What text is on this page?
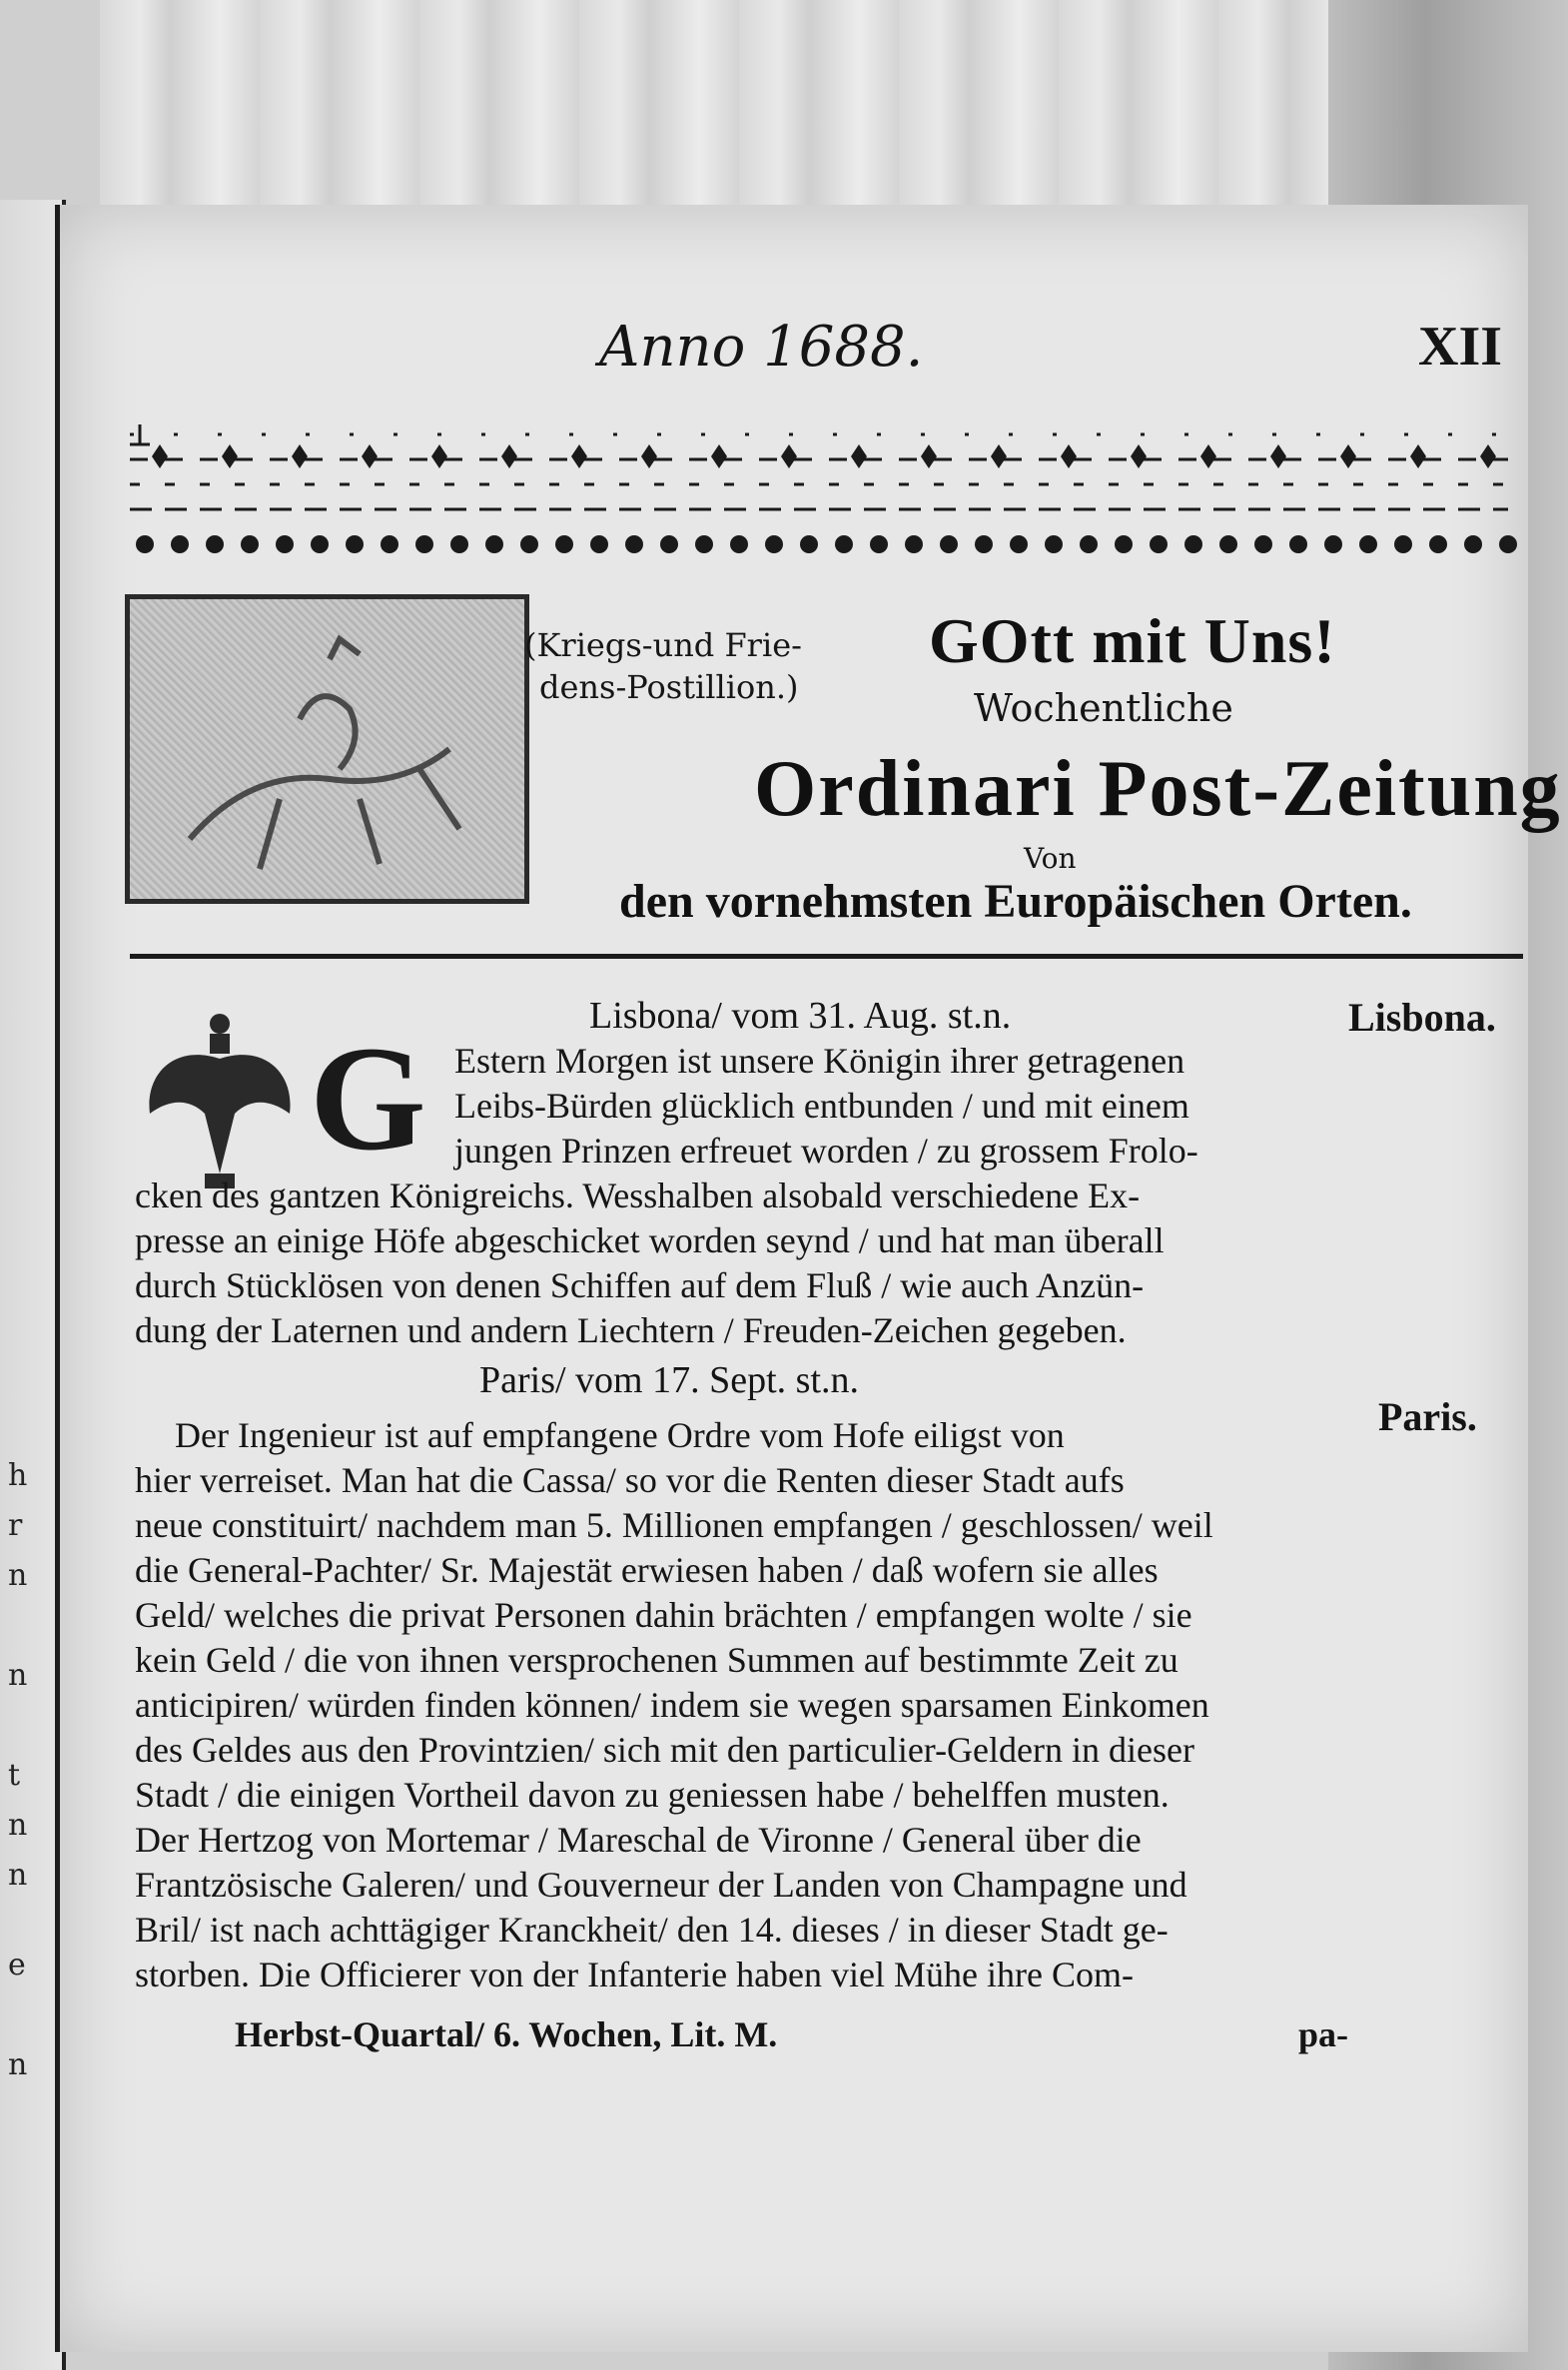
h
r
n
n
t
n
n
e
n
Anno 1688.	XII
(Kriegs-und Frie-
dens-Postillion.)
GOtt mit Uns!
Wochentliche
Ordinari Post-Zeitung
Von
den vornehmsten Europäischen Orten.
Lisbona/ vom 31. Aug. st.n.	Lisbona.
G Estern Morgen ist unsere Königin ihrer getragenen
Leibs-Bürden glücklich entbunden / und mit einem
jungen Prinzen erfreuet worden / zu grossem Frolo-
cken des gantzen Königreichs. Wesshalben alsobald verschiedene Ex-
presse an einige Höfe abgeschicket worden seynd / und hat man überall
durch Stücklösen von denen Schiffen auf dem Fluß / wie auch Anzün-
dung der Laternen und andern Liechtern / Freuden-Zeichen gegeben.
Paris/ vom 17. Sept. st.n.
Paris.
Der Ingenieur ist auf empfangene Ordre vom Hofe eiligst von
hier verreiset. Man hat die Cassa/ so vor die Renten dieser Stadt aufs
neue constituirt/ nachdem man 5. Millionen empfangen / geschlossen/ weil
die General-Pachter/ Sr. Majestät erwiesen haben / daß wofern sie alles
Geld/ welches die privat Personen dahin brächten / empfangen wolte / sie
kein Geld / die von ihnen versprochenen Summen auf bestimmte Zeit zu
anticipiren/ würden finden können/ indem sie wegen sparsamen Einkomen
des Geldes aus den Provintzien/ sich mit den particulier-Geldern in dieser
Stadt / die einigen Vortheil davon zu geniessen habe / behelffen musten.
Der Hertzog von Mortemar / Mareschal de Vironne / General über die
Frantzösische Galeren/ und Gouverneur der Landen von Champagne und
Bril/ ist nach achttägiger Kranckheit/ den 14. dieses / in dieser Stadt ge-
storben. Die Officierer von der Infanterie haben viel Mühe ihre Com-
Herbst-Quartal/ 6. Wochen, Lit. M.	pa-
